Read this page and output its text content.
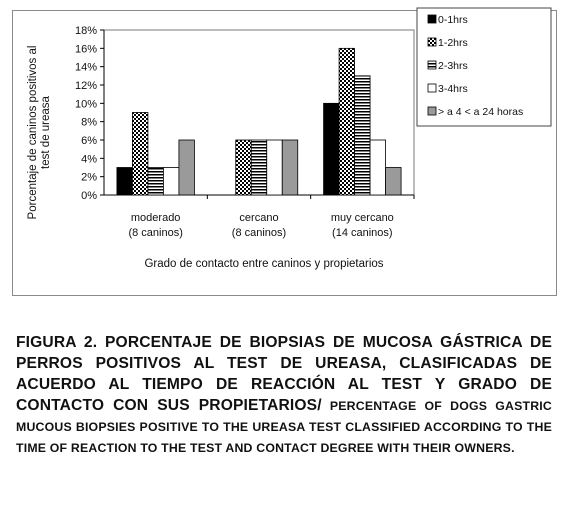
0%
2%
4%
6%
8%
10%
12%
14%
16%
18%
moderado
(8 caninos)
cercano
(8 caninos)
muy cercano
(14 caninos)
0-1hrs
1-2hrs
2-3hrs
3-4hrs
> a 4 < a 24 horas
Porcentaje de caninos positivos al test de ureasa
Grado de contacto entre caninos y propietarios
FIGURA 2. PORCENTAJE DE BIOPSIAS DE MUCOSA GÁSTRICA DE PERROS POSITIVOS AL TEST DE UREASA, CLASIFICADAS DE ACUERDO AL TIEMPO DE REACCIÓN AL TEST Y GRADO DE CONTACTO CON SUS PROPIETARIOS/ PERCENTAGE OF DOGS GASTRIC MUCOUS BIOPSIES POSITIVE TO THE UREASA TEST CLASSIFIED ACCORDING TO THE TIME OF REACTION TO THE TEST AND CONTACT DEGREE WITH THEIR OWNERS.
